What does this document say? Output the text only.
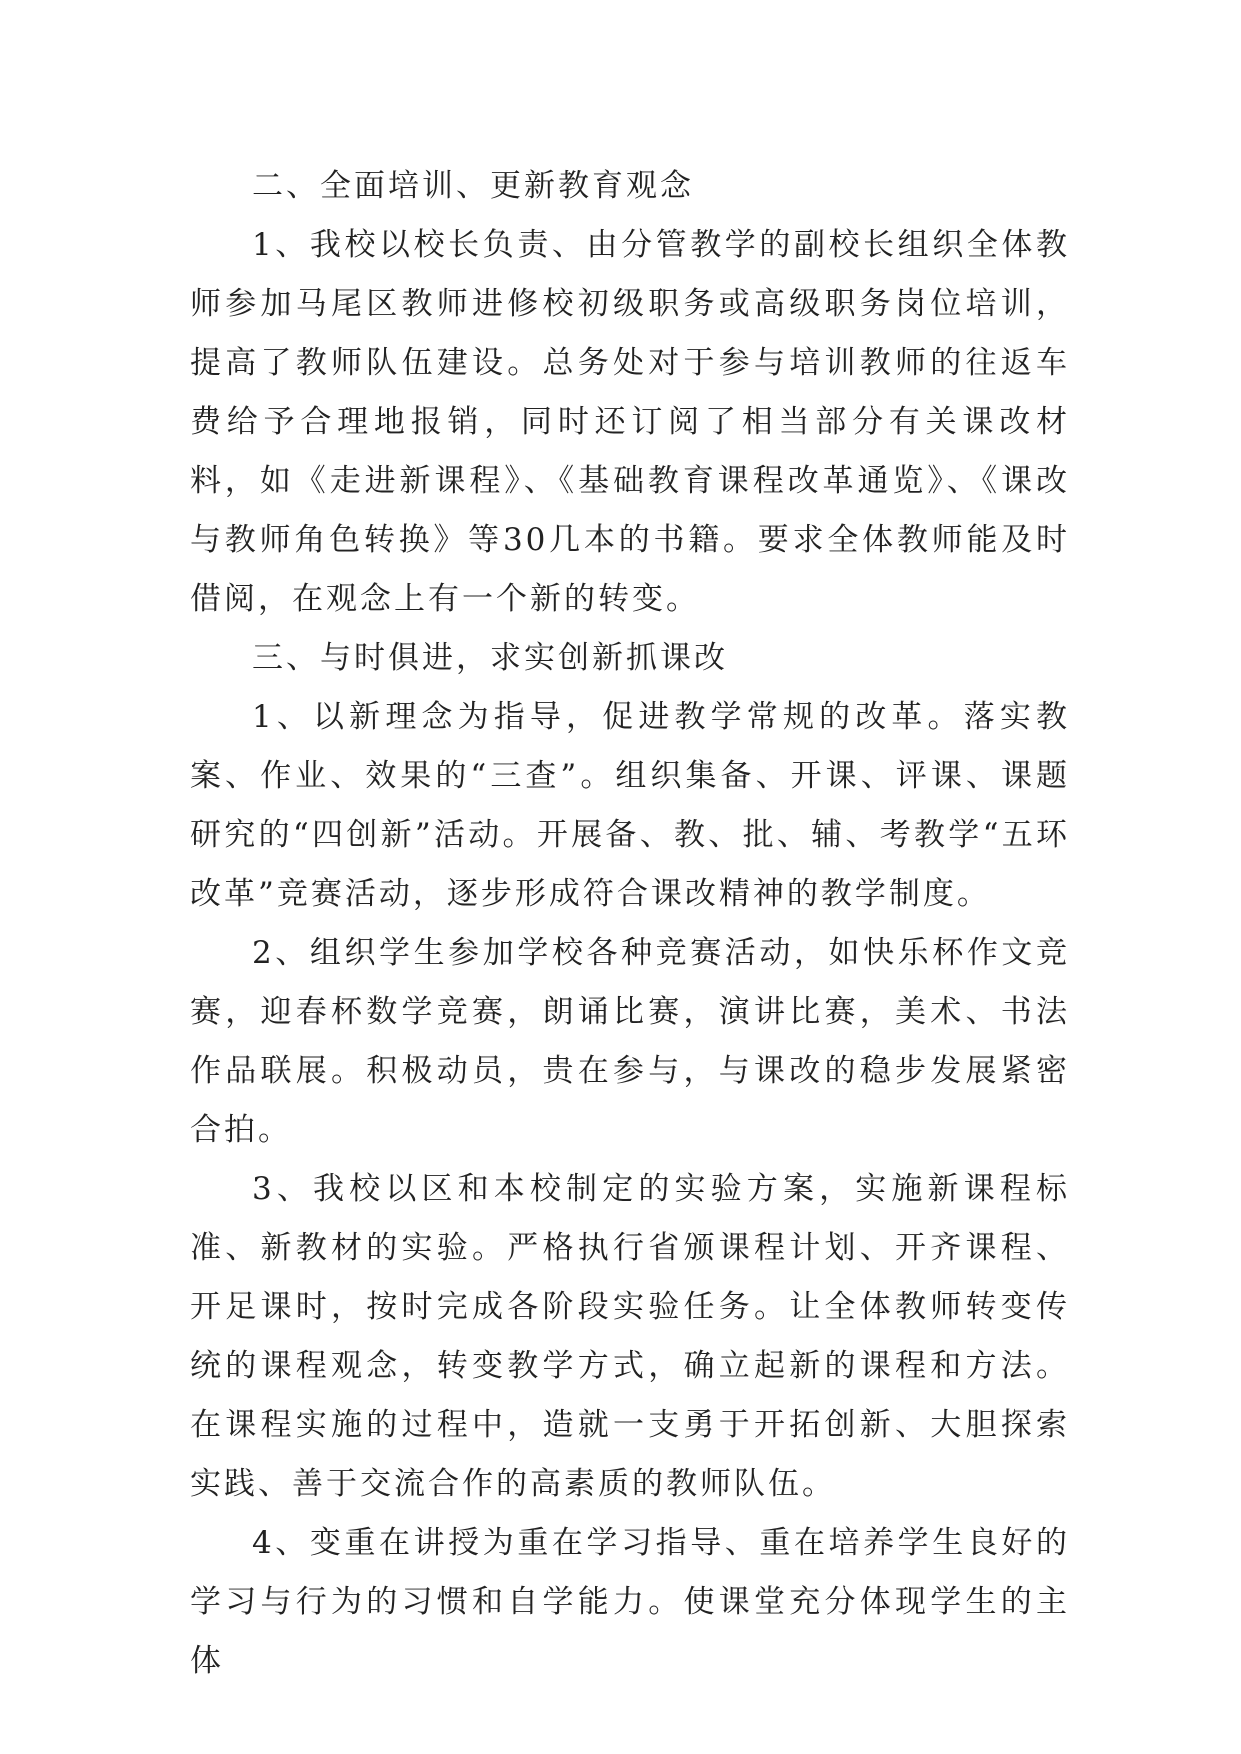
二、全面培训、更新教育观念

1、我校以校长负责、由分管教学的副校长组织全体教师参加马尾区教师进修校初级职务或高级职务岗位培训，提高了教师队伍建设。总务处对于参与培训教师的往返车费给予合理地报销，同时还订阅了相当部分有关课改材料，如《走进新课程》、《基础教育课程改革通览》、《课改与教师角色转换》等30几本的书籍。要求全体教师能及时借阅，在观念上有一个新的转变。

三、与时俱进，求实创新抓课改

1、以新理念为指导，促进教学常规的改革。落实教案、作业、效果的“三查”。组织集备、开课、评课、课题研究的“四创新”活动。开展备、教、批、辅、考教学“五环改革”竞赛活动，逐步形成符合课改精神的教学制度。

2、组织学生参加学校各种竞赛活动，如快乐杯作文竞赛，迎春杯数学竞赛，朗诵比赛，演讲比赛，美术、书法作品联展。积极动员，贵在参与，与课改的稳步发展紧密合拍。

3、我校以区和本校制定的实验方案，实施新课程标准、新教材的实验。严格执行省颁课程计划、开齐课程、开足课时，按时完成各阶段实验任务。让全体教师转变传统的课程观念，转变教学方式，确立起新的课程和方法。在课程实施的过程中，造就一支勇于开拓创新、大胆探索实践、善于交流合作的高素质的教师队伍。

4、变重在讲授为重在学习指导、重在培养学生良好的学习与行为的习惯和自学能力。使课堂充分体现学生的主体
